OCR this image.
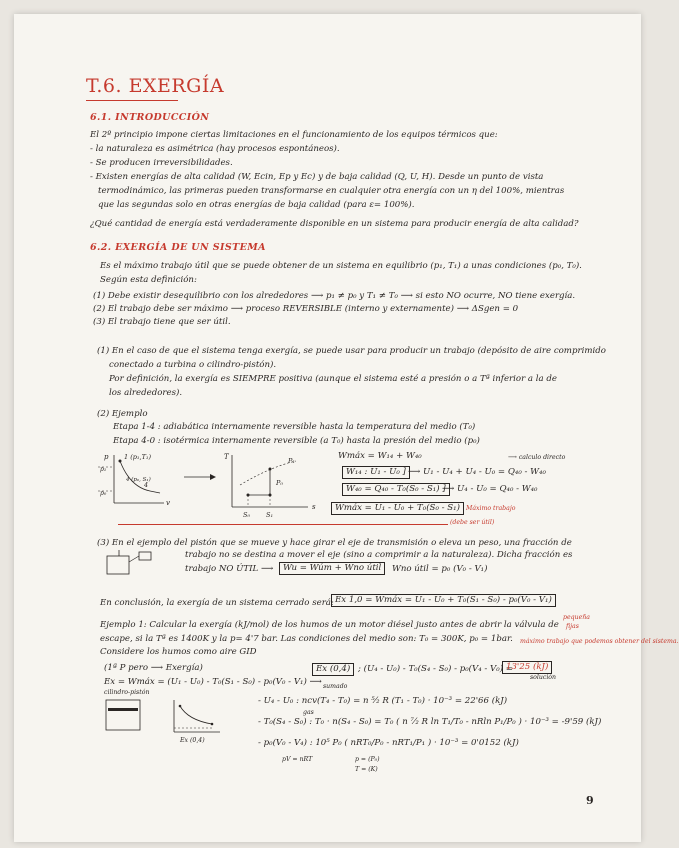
T.6. EXERGÍA
6.1. INTRODUCCIÓN
El 2º principio impone ciertas limitaciones en el funcionamiento de los equipos térmicos que:
- la naturaleza es asimétrica (hay procesos espontáneos).
- Se producen irreversibilidades.
- Existen energías de alta calidad (W, Ecin, Ep y Ec) y de baja calidad (Q, U, H). Desde un punto de vista
termodinámico, las primeras pueden transformarse en cualquier otra energía con un η del 100%, mientras
que las segundas solo en otras energías de baja calidad (para ε= 100%).
¿Qué cantidad de energía está verdaderamente disponible en un sistema para producir energía de alta calidad?
6.2. EXERGÍA DE UN SISTEMA
Es el máximo trabajo útil que se puede obtener de un sistema en equilibrio (p₁, T₁) a unas condiciones (p₀, T₀).
Según esta definición:
(1) Debe existir desequilibrio con los alrededores ⟶ p₁ ≠ p₀ y T₁ ≠ T₀ ⟶ si esto NO ocurre, NO tiene exergía.
(2) El trabajo debe ser máximo ⟶ proceso REVERSIBLE (interno y externamente) ⟶ ΔSgen = 0
(3) El trabajo tiene que ser útil.
(1) En el caso de que el sistema tenga exergía, se puede usar para producir un trabajo (depósito de aire comprimido
conectado a turbina o cilindro-pistón).
Por definición, la exergía es SIEMPRE positiva (aunque el sistema esté a presión o a Tª inferior a la de
los alrededores).
(2) Ejemplo
Etapa 1-4 : adiabática internamente reversible hasta la temperatura del medio (T₀)
Etapa 4-0 : isotérmica internamente reversible (a T₀) hasta la presión del medio (p₀)
p
v
1 (p₁,T₁)
4
4 (p₀, S₁)
p₁
p₀
T
s
P₁
P₀
S₀ S₁
Wmáx = W₁₄ + W₄₀	⟶ calculo directo
W₁₄ : U₁ - U₀ ] ⟶ U₁ - U₄ + U₄ - U₀ = Q₄₀ - W₄₀
W₄₀ = Q₄₀ - T₀(S₀ - S₁) ]
⟶ U₄ - U₀ = Q₄₀ - W₄₀
Wmáx = U₁ - U₀ + T₀(S₀ - S₁) Máximo trabajo
(debe ser útil)
(3) En el ejemplo del pistón que se mueve y hace girar el eje de transmisión o eleva un peso, una fracción de
trabajo no se destina a mover el eje (sino a comprimir a la naturaleza). Dicha fracción es
trabajo NO ÚTIL ⟶	Wu = Wúm + Wno útil	Wno útil = p₀ (V₀ - V₁)
En conclusión, la exergía de un sistema cerrado será: Ex 1,0 = Wmáx = U₁ - U₀ + T₀(S₁ - S₀) - p₀(V₀ - V₁)
Ejemplo 1: Calcular la exergía (kJ/mol) de los humos de un motor diésel justo antes de abrir la válvula de
pequeña
fijas
escape, si la Tª es 1400K y la p= 4'7 bar. Las condiciones del medio son: T₀ = 300K, p₀ = 1bar. máximo trabajo que podemos obtener del sistema.
Considere los humos como aire GID
(1ª P pero ⟶ Exergía)
Ex = Wmáx = (U₁ - U₀) - T₀(S₁ - S₀) - p₀(V₀ - V₁) ⟶
Ex (0,4) ; (U₄ - U₀) - T₀(S₄ - S₀) - p₀(V₄ - V₀) =
13'25 (kJ)
solución
sumado
cilindro-pistón
Ex (0,4)
- U₄ - U₀ : ncv(T₄ - T₀) = n ⁵⁄₂ R (T₁ - T₀) · 10⁻³ = 22'66 (kJ)
gas
- T₀(S₄ - S₀) : T₀ · n(S₄ - S₀) = T₀ ( n ⁷⁄₂ R ln T₁/T₀ - nRln P₁/P₀ ) · 10⁻³ = -9'59 (kJ)
- p₀(V₀ - V₄) : 10⁵ P₀ ( nRT₀/P₀ - nRT₁/P₁ ) · 10⁻³ = 0'0152 (kJ)
pV = nRT	p = (P₀)
T = (K)
9
